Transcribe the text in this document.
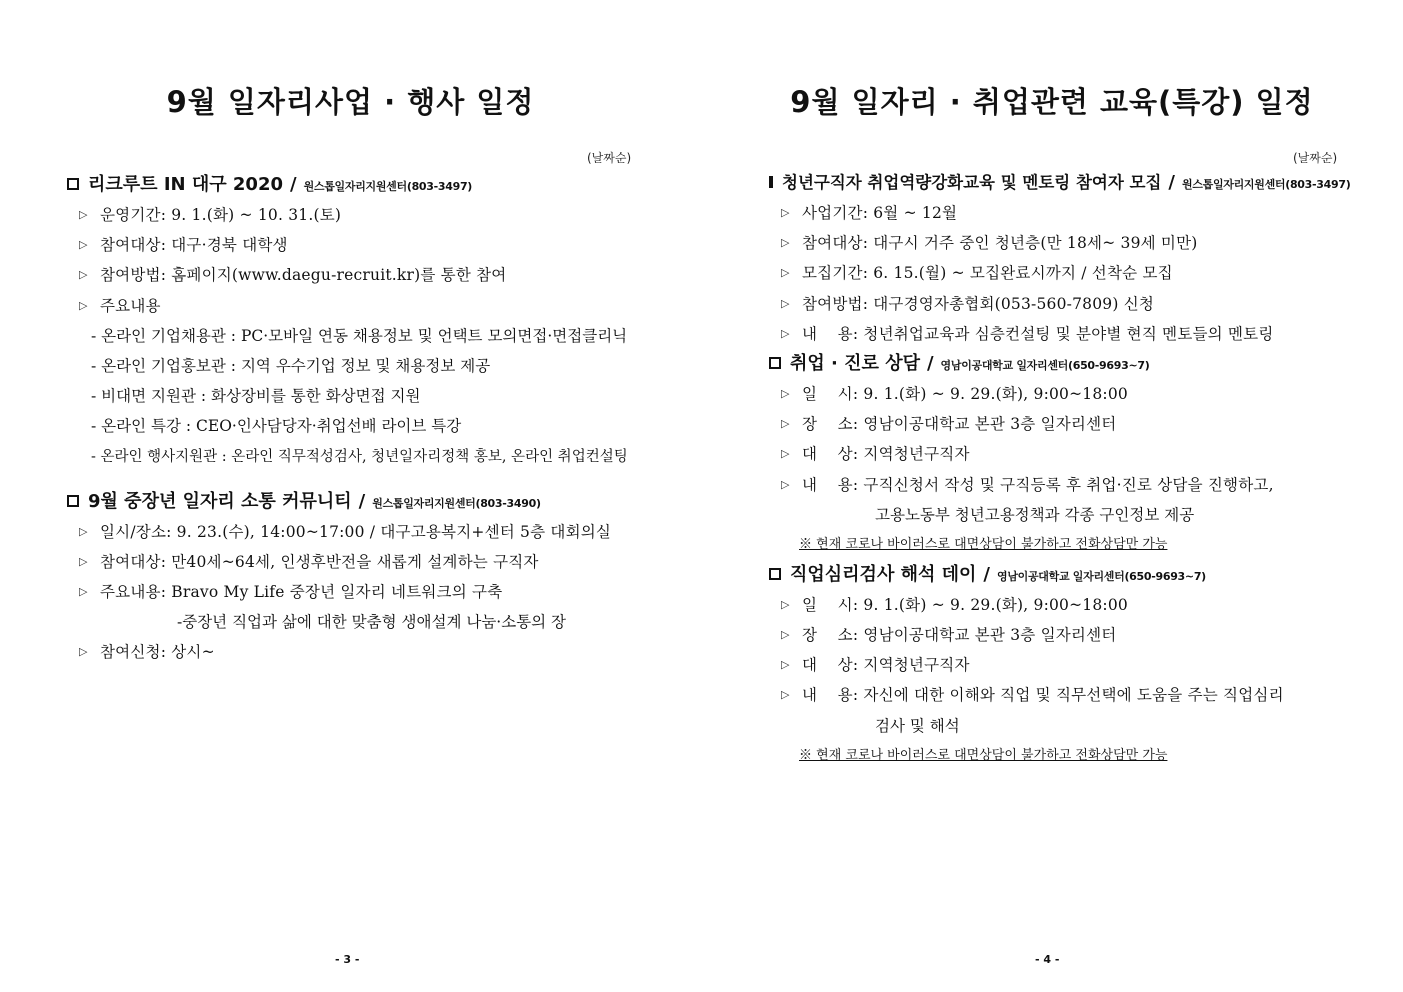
9월 일자리사업 · 행사 일정
(날짜순)
리크루트 IN 대구 2020 / 원스톱일자리지원센터(803-3497)
▷ 운영기간: 9. 1.(화) ~ 10. 31.(토)
▷ 참여대상: 대구·경북 대학생
▷ 참여방법: 홈페이지(www.daegu-recruit.kr)를 통한 참여
▷ 주요내용
- 온라인 기업채용관 : PC·모바일 연동 채용정보 및 언택트 모의면접·면접클리닉
- 온라인 기업홍보관 : 지역 우수기업 정보 및 채용정보 제공
- 비대면 지원관 : 화상장비를 통한 화상면접 지원
- 온라인 특강 : CEO·인사담당자·취업선배 라이브 특강
- 온라인 행사지원관 : 온라인 직무적성검사, 청년일자리정책 홍보, 온라인 취업컨설팅
9월 중장년 일자리 소통 커뮤니티 / 원스톱일자리지원센터(803-3490)
▷ 일시/장소: 9. 23.(수), 14:00~17:00 / 대구고용복지+센터 5층 대회의실
▷ 참여대상: 만40세~64세, 인생후반전을 새롭게 설계하는 구직자
▷ 주요내용: Bravo My Life 중장년 일자리 네트워크의 구축
-중장년 직업과 삶에 대한 맞춤형 생애설계 나눔·소통의 장
▷ 참여신청: 상시~
- 3 -
9월 일자리 · 취업관련 교육(특강) 일정
(날짜순)
청년구직자 취업역량강화교육 및 멘토링 참여자 모집 / 원스톱일자리지원센터(803-3497)
▷ 사업기간: 6월 ~ 12월
▷ 참여대상: 대구시 거주 중인 청년층(만 18세~ 39세 미만)
▷ 모집기간: 6. 15.(월) ~ 모집완료시까지 / 선착순 모집
▷ 참여방법: 대구경영자총협회(053-560-7809) 신청
▷ 내    용: 청년취업교육과 심층컨설팅 및 분야별 현직 멘토들의 멘토링
취업 · 진로 상담 / 영남이공대학교 일자리센터(650-9693~7)
▷ 일    시: 9. 1.(화) ~ 9. 29.(화), 9:00~18:00
▷ 장    소: 영남이공대학교 본관 3층 일자리센터
▷ 대    상: 지역청년구직자
▷ 내    용: 구직신청서 작성 및 구직등록 후 취업·진로 상담을 진행하고,
고용노동부 청년고용정책과 각종 구인정보 제공
※ 현재 코로나 바이러스로 대면상담이 불가하고 전화상담만 가능
직업심리검사 해석 데이 / 영남이공대학교 일자리센터(650-9693~7)
▷ 일    시: 9. 1.(화) ~ 9. 29.(화), 9:00~18:00
▷ 장    소: 영남이공대학교 본관 3층 일자리센터
▷ 대    상: 지역청년구직자
▷ 내    용: 자신에 대한 이해와 직업 및 직무선택에 도움을 주는 직업심리
검사 및 해석
※ 현재 코로나 바이러스로 대면상담이 불가하고 전화상담만 가능
- 4 -
